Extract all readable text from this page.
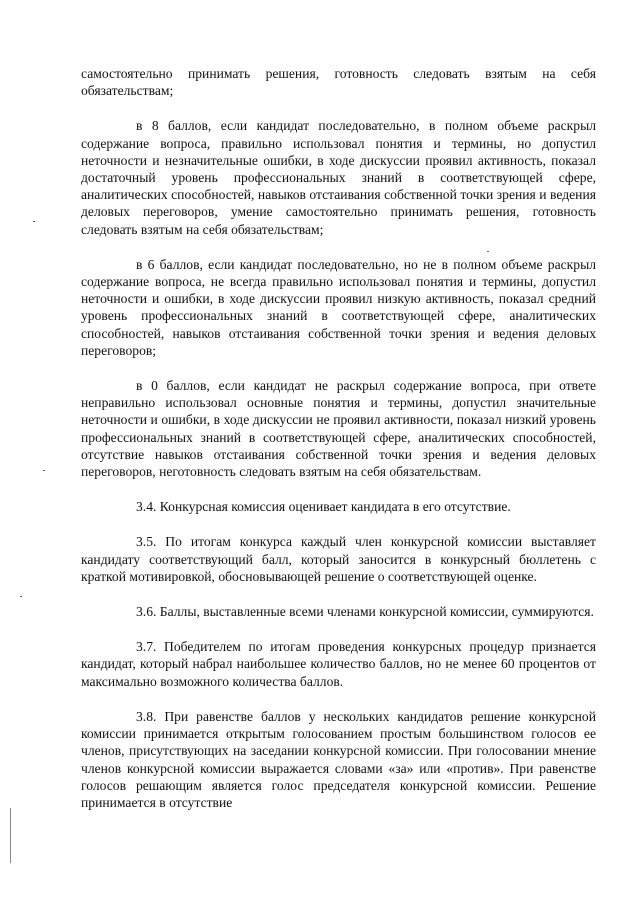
самостоятельно принимать решения, готовность следовать взятым на себя обязательствам;

в 8 баллов, если кандидат последовательно, в полном объеме раскрыл содержание вопроса, правильно использовал понятия и термины, но допустил неточности и незначительные ошибки, в ходе дискуссии проявил активность, показал достаточный уровень профессиональных знаний в соответствующей сфере, аналитических способностей, навыков отстаивания собственной точки зрения и ведения деловых переговоров, умение самостоятельно принимать решения, готовность следовать взятым на себя обязательствам;

в 6 баллов, если кандидат последовательно, но не в полном объеме раскрыл содержание вопроса, не всегда правильно использовал понятия и термины, допустил неточности и ошибки, в ходе дискуссии проявил низкую активность, показал средний уровень профессиональных знаний в соответствующей сфере, аналитических способностей, навыков отстаивания собственной точки зрения и ведения деловых переговоров;

в 0 баллов, если кандидат не раскрыл содержание вопроса, при ответе неправильно использовал основные понятия и термины, допустил значительные неточности и ошибки, в ходе дискуссии не проявил активности, показал низкий уровень профессиональных знаний в соответствующей сфере, аналитических способностей, отсутствие навыков отстаивания собственной точки зрения и ведения деловых переговоров, неготовность следовать взятым на себя обязательствам.

3.4. Конкурсная комиссия оценивает кандидата в его отсутствие.

3.5. По итогам конкурса каждый член конкурсной комиссии выставляет кандидату соответствующий балл, который заносится в конкурсный бюллетень с краткой мотивировкой, обосновывающей решение о соответствующей оценке.

3.6. Баллы, выставленные всеми членами конкурсной комиссии, суммируются.

3.7. Победителем по итогам проведения конкурсных процедур признается кандидат, который набрал наибольшее количество баллов, но не менее 60 процентов от максимально возможного количества баллов.

3.8. При равенстве баллов у нескольких кандидатов решение конкурсной комиссии принимается открытым голосованием простым большинством голосов ее членов, присутствующих на заседании конкурсной комиссии. При голосовании мнение членов конкурсной комиссии выражается словами «за» или «против». При равенстве голосов решающим является голос председателя конкурсной комиссии. Решение принимается в отсутствие
